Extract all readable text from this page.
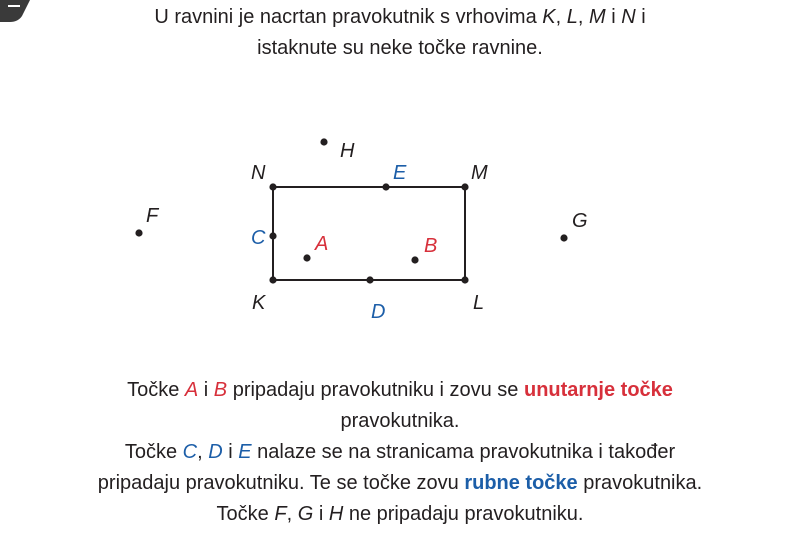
U ravnini je nacrtan pravokutnik s vrhovima K, L, M i N i
istaknute su neke točke ravnine.
K	L
M
N
A	B
C
D
E
F	G
H
Točke A i B pripadaju pravokutniku i zovu se unutarnje točke
pravokutnika.
Točke C, D i E nalaze se na stranicama pravokutnika i također
pripadaju pravokutniku. Te se točke zovu rubne točke pravokutnika.
Točke F, G i H ne pripadaju pravokutniku.
